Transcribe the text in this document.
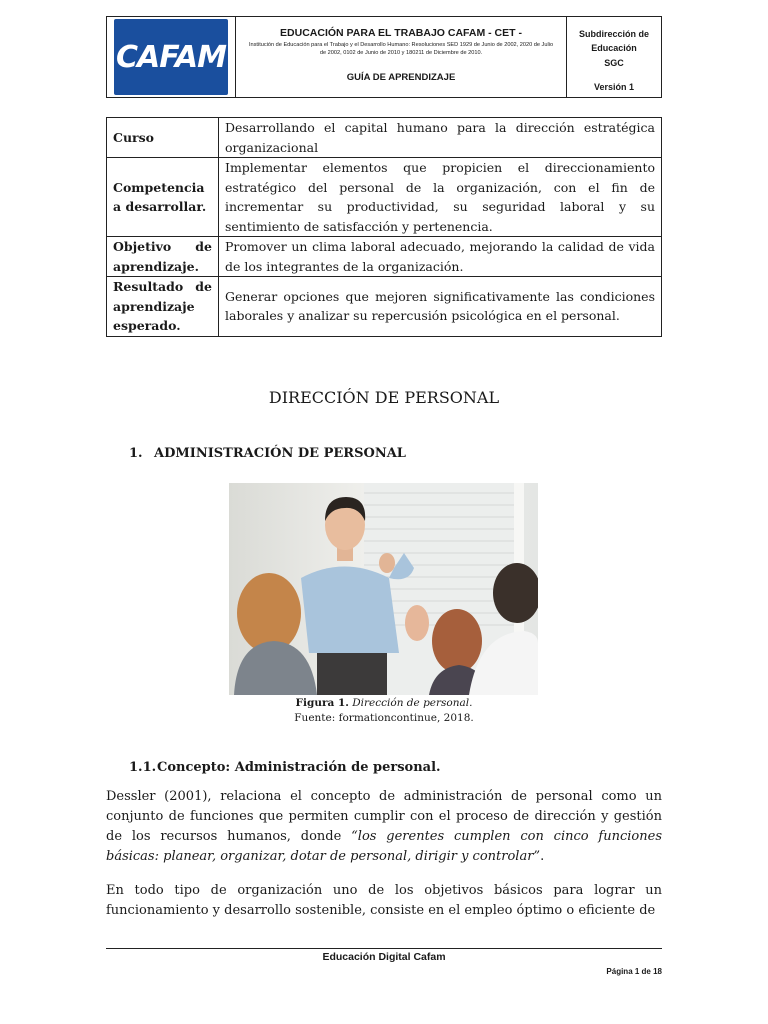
CAFAM
EDUCACIÓN PARA EL TRABAJO CAFAM - CET -
Institución de Educación para el Trabajo y el Desarrollo Humano: Resoluciones SED 1929 de Junio de 2002, 2020 de Julio de 2002, 0102 de Junio de 2010 y 180211 de Diciembre de 2010.
GUÍA DE APRENDIZAJE
Subdirección de
Educación
SGC
Versión 1
Curso	Desarrollando el capital humano para la dirección estratégica organizacional
Competencia a desarrollar.	Implementar elementos que propicien el direccionamiento estratégico del personal de la organización, con el fin de incrementar su productividad, su seguridad laboral y su sentimiento de satisfacción y pertenencia.
Objetivo de aprendizaje.	Promover un clima laboral adecuado, mejorando la calidad de vida de los integrantes de la organización.
Resultado de aprendizaje esperado.	Generar opciones que mejoren significativamente las condiciones laborales y analizar su repercusión psicológica en el personal.
DIRECCIÓN DE PERSONAL
1. ADMINISTRACIÓN DE PERSONAL
Figura 1. Dirección de personal.
Fuente: formationcontinue, 2018.
1.1.Concepto: Administración de personal.

Dessler (2001), relaciona el concepto de administración de personal como un conjunto de funciones que permiten cumplir con el proceso de dirección y gestión de los recursos humanos, donde “los gerentes cumplen con cinco funciones básicas: planear, organizar, dotar de personal, dirigir y controlar”.

En todo tipo de organización uno de los objetivos básicos para lograr un funcionamiento y desarrollo sostenible, consiste en el empleo óptimo o eficiente de

Educación Digital Cafam
Página 1 de 18
